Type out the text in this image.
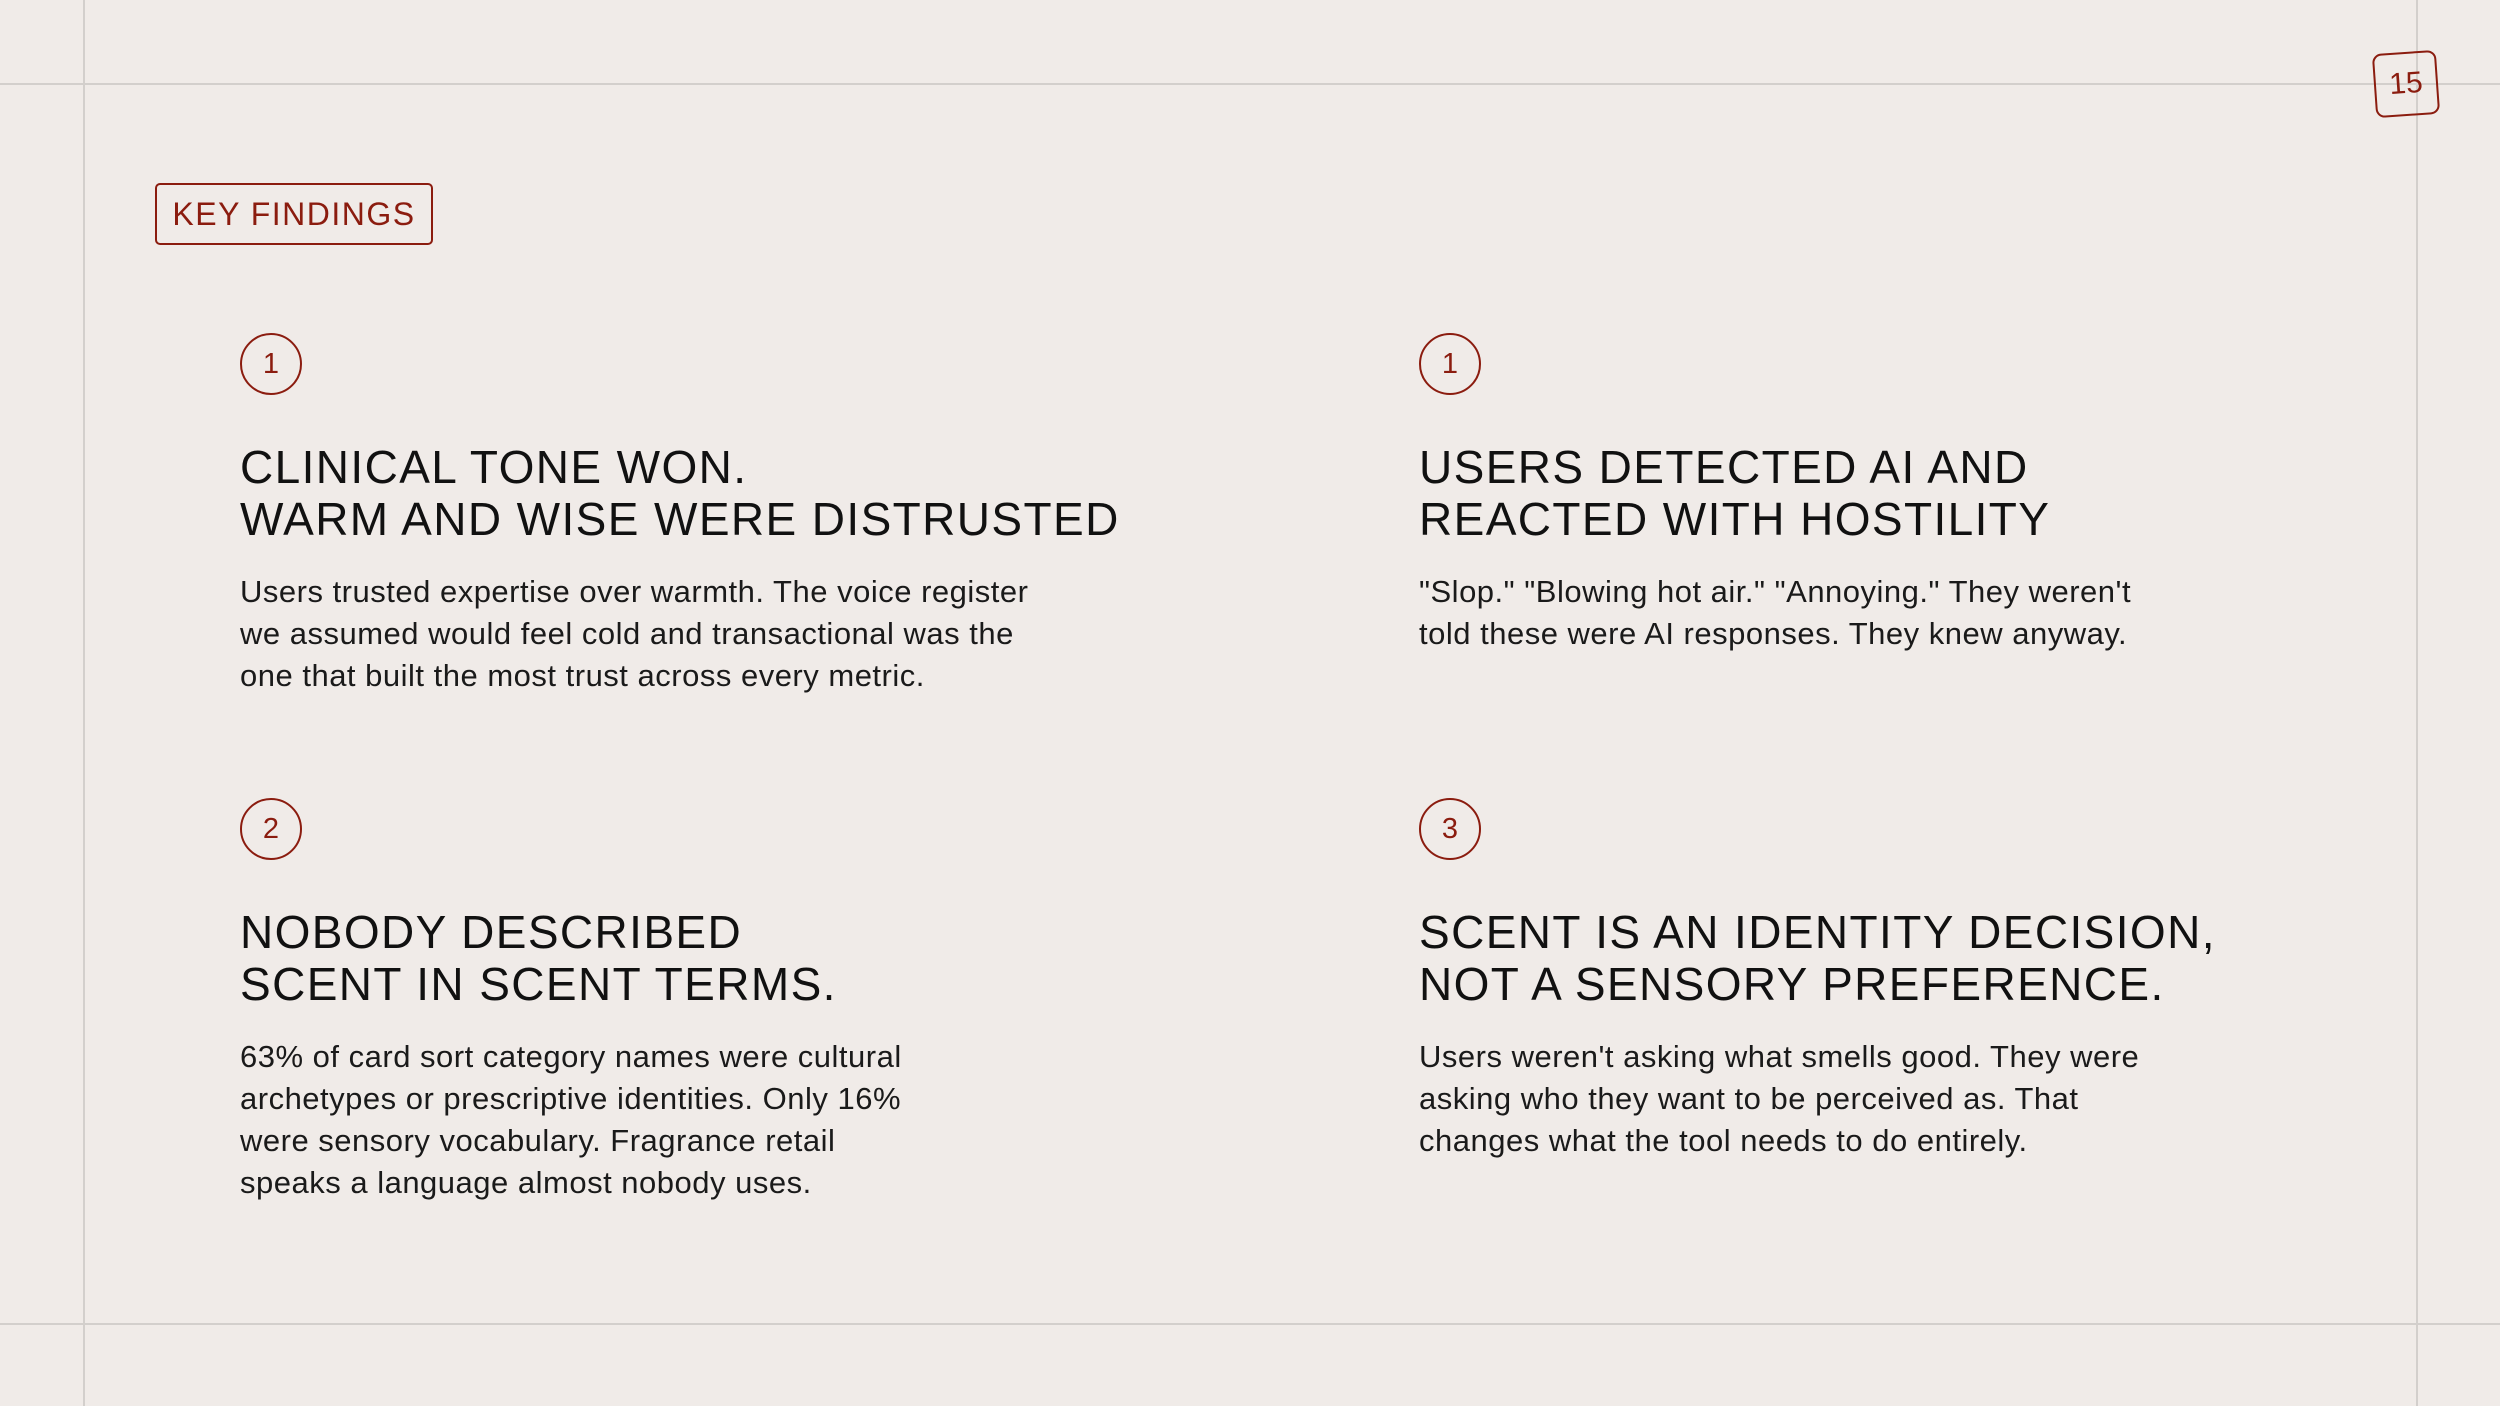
15
KEY FINDINGS
1
CLINICAL TONE WON.
WARM AND WISE WERE DISTRUSTED

Users trusted expertise over warmth. The voice register
we assumed would feel cold and transactional was the
one that built the most trust across every metric.

1
USERS DETECTED AI AND
REACTED WITH HOSTILITY

"Slop." "Blowing hot air." "Annoying." They weren't
told these were AI responses. They knew anyway.

2
NOBODY DESCRIBED
SCENT IN SCENT TERMS.

63% of card sort category names were cultural
archetypes or prescriptive identities. Only 16%
were sensory vocabulary. Fragrance retail
speaks a language almost nobody uses.

3
SCENT IS AN IDENTITY DECISION,
NOT A SENSORY PREFERENCE.

Users weren't asking what smells good. They were
asking who they want to be perceived as. That
changes what the tool needs to do entirely.
